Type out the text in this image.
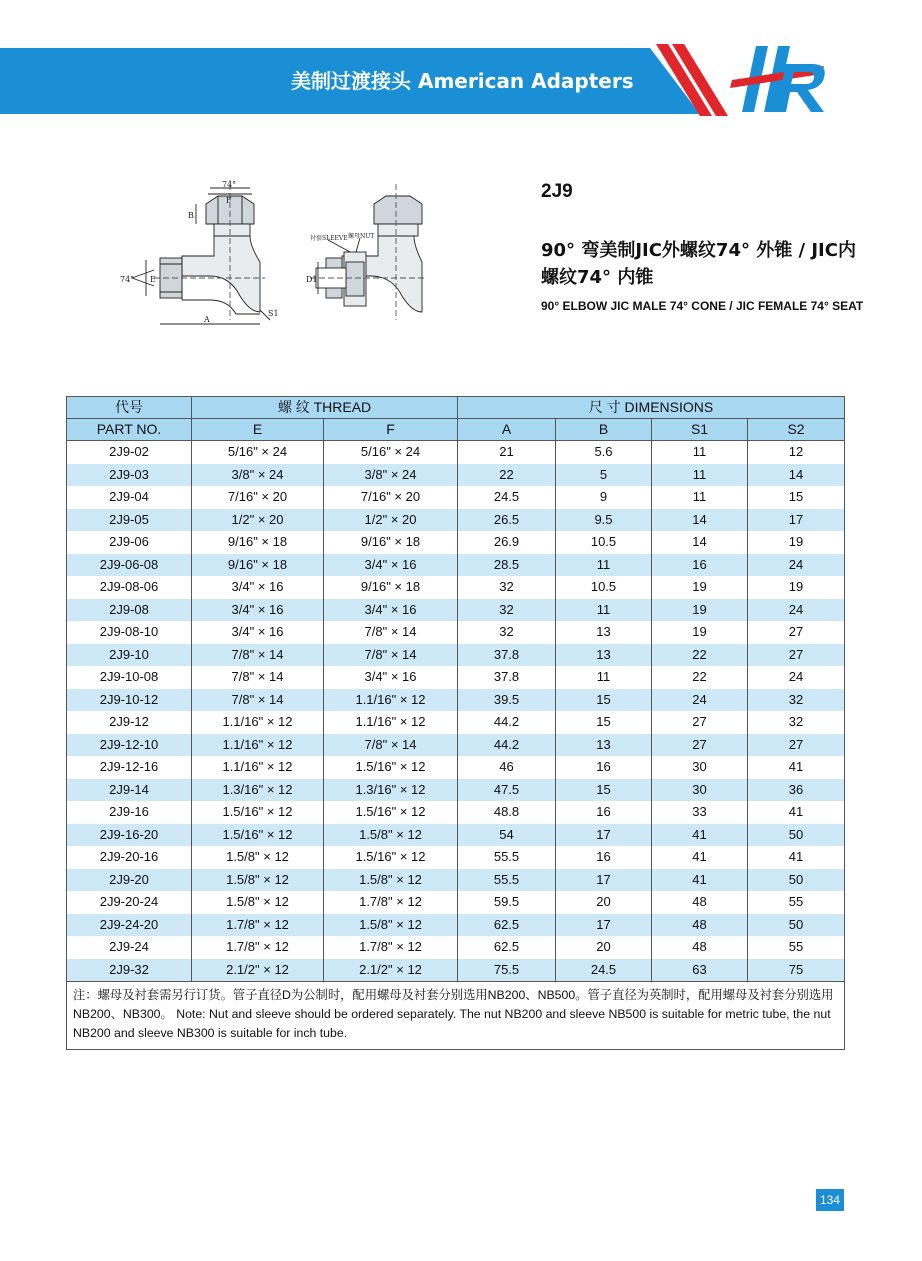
美制过渡接头 American Adapters
74°
F
B
74° E
A
S1
D1
衬套SLEEVE 螺母NUT
2J9
90° 弯美制JIC外螺纹74° 外锥 / JIC内螺纹74° 内锥
90° ELBOW JIC MALE 74° CONE / JIC FEMALE 74° SEAT
代号	螺 纹 THREAD		尺 寸 DIMENSIONS			
PART NO.	E	F	A	B	S1	S2
2J9-02	5/16" × 24	5/16" × 24	21	5.6	11	12
2J9-03	3/8" × 24	3/8" × 24	22	5	11	14
2J9-04	7/16" × 20	7/16" × 20	24.5	9	11	15
2J9-05	1/2" × 20	1/2" × 20	26.5	9.5	14	17
2J9-06	9/16" × 18	9/16" × 18	26.9	10.5	14	19
2J9-06-08	9/16" × 18	3/4" × 16	28.5	11	16	24
2J9-08-06	3/4" × 16	9/16" × 18	32	10.5	19	19
2J9-08	3/4" × 16	3/4" × 16	32	11	19	24
2J9-08-10	3/4" × 16	7/8" × 14	32	13	19	27
2J9-10	7/8" × 14	7/8" × 14	37.8	13	22	27
2J9-10-08	7/8" × 14	3/4" × 16	37.8	11	22	24
2J9-10-12	7/8" × 14	1.1/16" × 12	39.5	15	24	32
2J9-12	1.1/16" × 12	1.1/16" × 12	44.2	15	27	32
2J9-12-10	1.1/16" × 12	7/8" × 14	44.2	13	27	27
2J9-12-16	1.1/16" × 12	1.5/16" × 12	46	16	30	41
2J9-14	1.3/16" × 12	1.3/16" × 12	47.5	15	30	36
2J9-16	1.5/16" × 12	1.5/16" × 12	48.8	16	33	41
2J9-16-20	1.5/16" × 12	1.5/8" × 12	54	17	41	50
2J9-20-16	1.5/8" × 12	1.5/16" × 12	55.5	16	41	41
2J9-20	1.5/8" × 12	1.5/8" × 12	55.5	17	41	50
2J9-20-24	1.5/8" × 12	1.7/8" × 12	59.5	20	48	55
2J9-24-20	1.7/8" × 12	1.5/8" × 12	62.5	17	48	50
2J9-24	1.7/8" × 12	1.7/8" × 12	62.5	20	48	55
2J9-32	2.1/2" × 12	2.1/2" × 12	75.5	24.5	63	75
注：螺母及衬套需另行订货。管子直径D为公制时，配用螺母及衬套分别选用NB200、NB500。管子直径为英制时，配用螺母及衬套分别选用NB200、NB300。 Note: Nut and sleeve should be ordered separately. The nut NB200 and sleeve NB500 is suitable for metric tube, the nut NB200 and sleeve NB300 is suitable for inch tube.						
134
